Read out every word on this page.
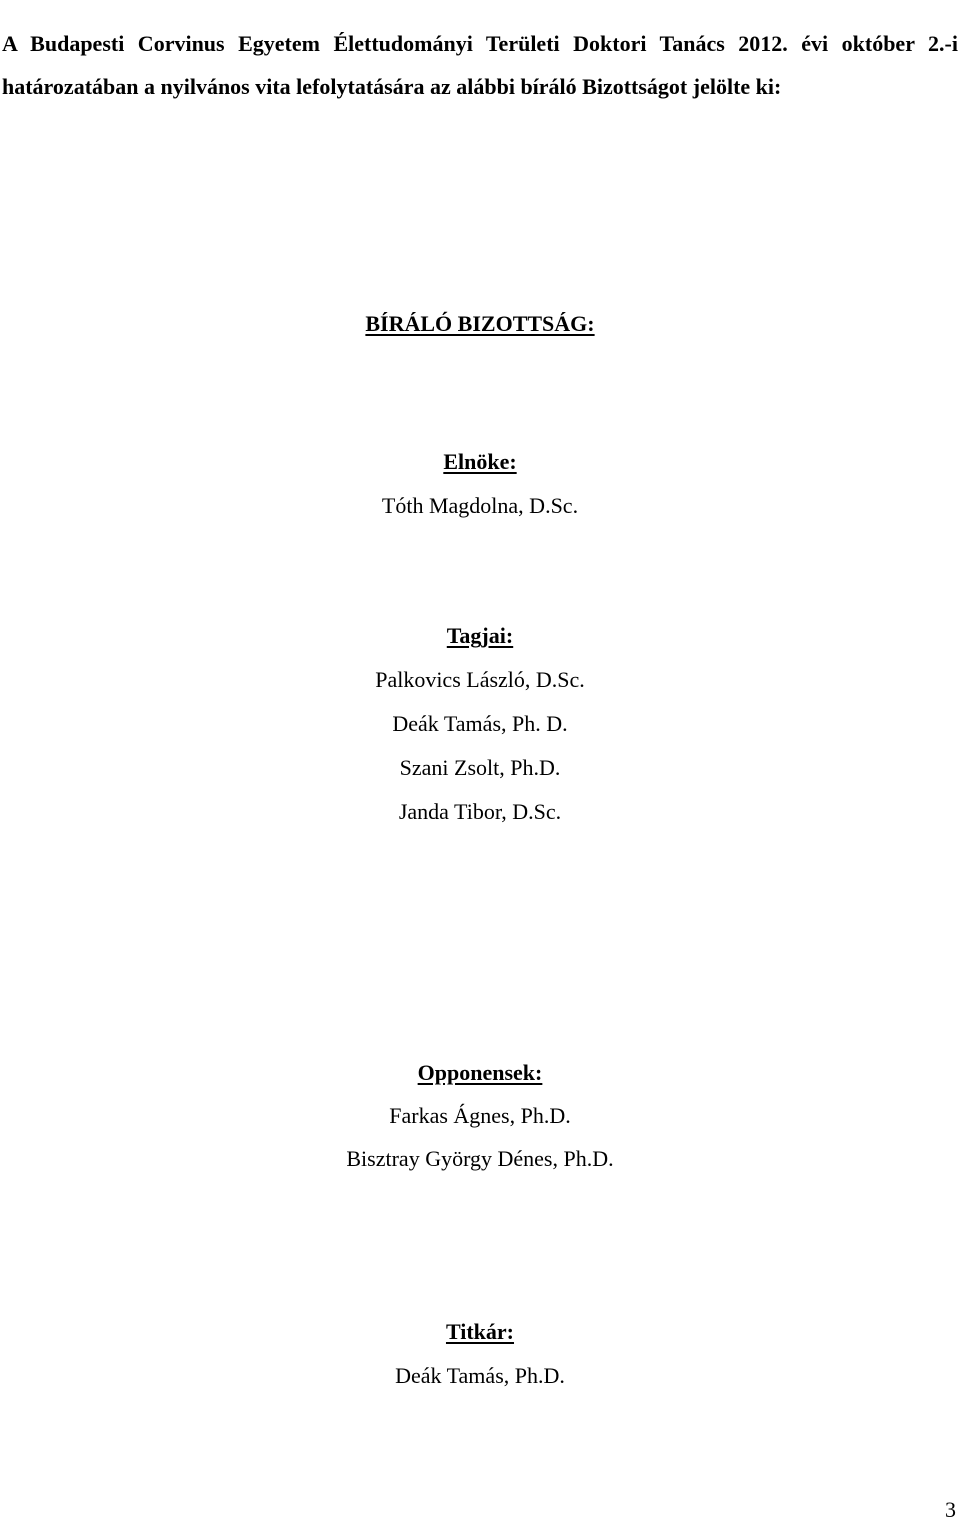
A Budapesti Corvinus Egyetem Élettudományi Területi Doktori Tanács 2012. évi október 2.-i határozatában a nyilvános vita lefolytatására az alábbi bíráló Bizottságot jelölte ki:

BÍRÁLÓ BIZOTTSÁG:

Elnöke:

Tóth Magdolna, D.Sc.

Tagjai:

Palkovics László, D.Sc.

Deák Tamás, Ph. D.

Szani Zsolt, Ph.D.

Janda Tibor, D.Sc.

Opponensek:

Farkas Ágnes, Ph.D.

Bisztray György Dénes, Ph.D.

Titkár:

Deák Tamás, Ph.D.

3
